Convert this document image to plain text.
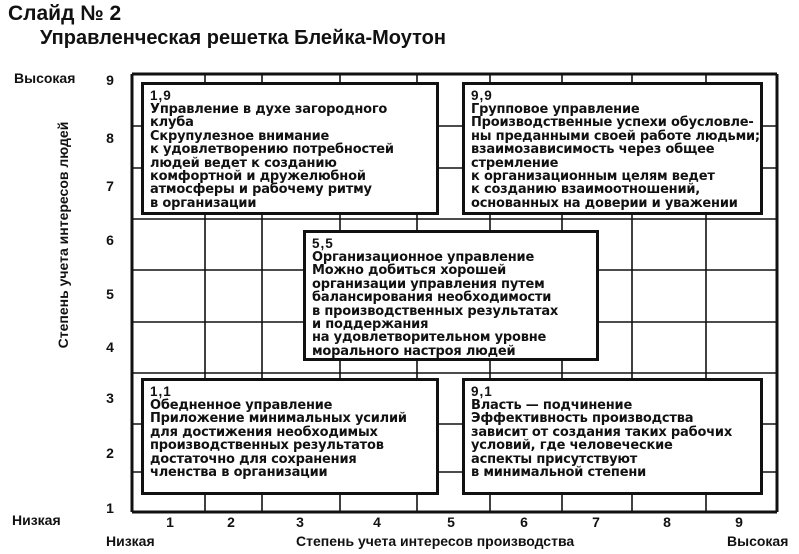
Слайд № 2
Управленческая решетка Блейка-Моутон
Высокая
Низкая
Степень учета интересов людей
1
2
3
4
5
6
7
8
9
1	2	3	4	5	6	7	8	9
Низкая	Степень учета интересов производства	Высокая
1,9
Управление в духе загородного
клуба
Скрупулезное внимание
к удовлетворению потребностей
людей ведет к созданию
комфортной и дружелюбной
атмосферы и рабочему ритму
в организации
9,9
Групповое управление
Производственные успехи обусловле-
ны преданными своей работе людьми;
взаимозависимость через общее
стремление
к организационным целям ведет
к созданию взаимоотношений,
основанных на доверии и уважении
5,5
Организационное управление
Можно добиться хорошей
организации управления путем
балансирования необходимости
в производственных результатах
и поддержания
на удовлетворительном уровне
морального настроя людей
1,1
Обедненное управление
Приложение минимальных усилий
для достижения необходимых
производственных результатов
достаточно для сохранения
членства в организации
9,1
Власть — подчинение
Эффективность производства
зависит от создания таких рабочих
условий, где человеческие
аспекты присутствуют
в минимальной степени
